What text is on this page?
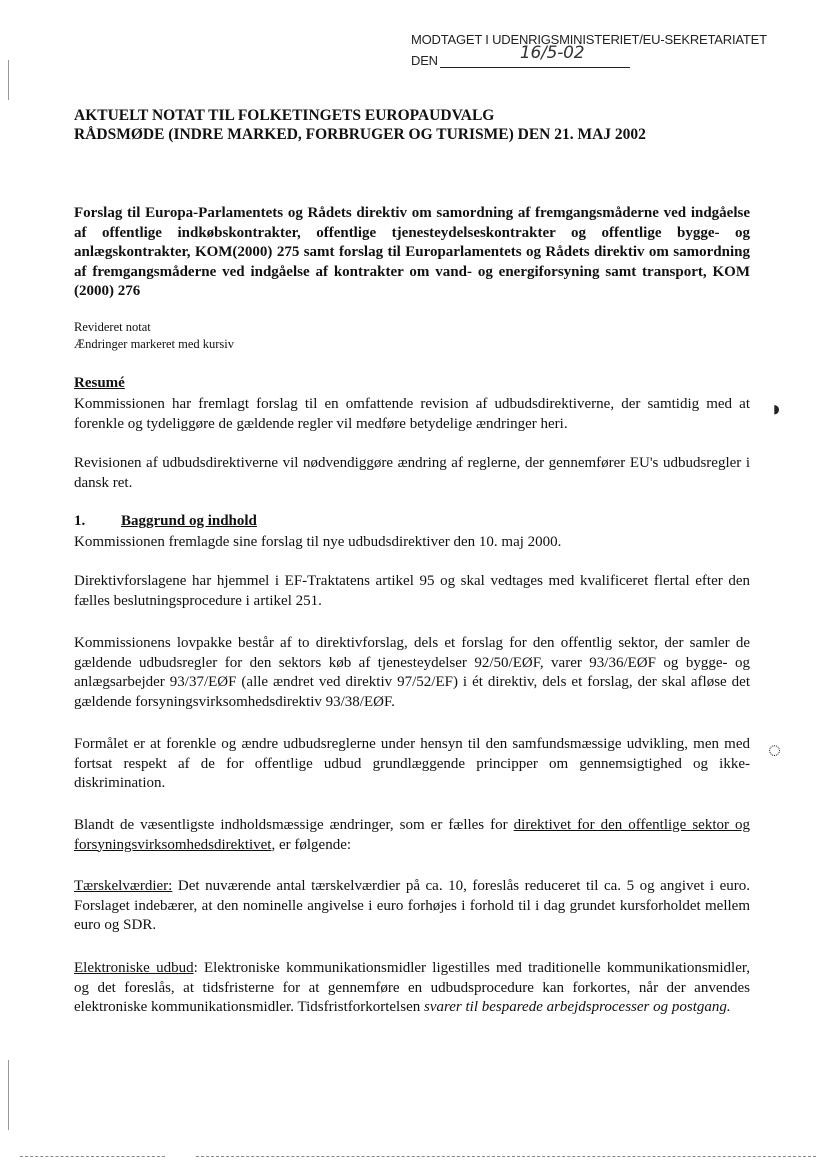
MODTAGET I UDENRIGSMINISTERIET/EU-SEKRETARIATET
DEN	16/5-02
AKTUELT NOTAT TIL FOLKETINGETS EUROPAUDVALG
RÅDSMØDE (INDRE MARKED, FORBRUGER OG TURISME) DEN 21. MAJ 2002
Forslag til Europa-Parlamentets og Rådets direktiv om samordning af fremgangsmåderne ved indgåelse af offentlige indkøbskontrakter, offentlige tjenesteydelseskontrakter og offentlige bygge- og anlægskontrakter, KOM(2000) 275 samt forslag til Europarlamentets og Rådets direktiv om samordning af fremgangsmåderne ved indgåelse af kontrakter om vand- og energiforsyning samt transport, KOM (2000) 276
Revideret notat
Ændringer markeret med kursiv
Resumé
Kommissionen har fremlagt forslag til en omfattende revision af udbudsdirektiverne, der samtidig med at forenkle og tydeliggøre de gældende regler vil medføre betydelige ændringer heri.
Revisionen af udbudsdirektiverne vil nødvendiggøre ændring af reglerne, der gennemfører EU's udbudsregler i dansk ret.
1. Baggrund og indhold
Kommissionen fremlagde sine forslag til nye udbudsdirektiver den 10. maj 2000.
Direktivforslagene har hjemmel i EF-Traktatens artikel 95 og skal vedtages med kvalificeret flertal efter den fælles beslutningsprocedure i artikel 251.
Kommissionens lovpakke består af to direktivforslag, dels et forslag for den offentlig sektor, der samler de gældende udbudsregler for den sektors køb af tjenesteydelser 92/50/EØF, varer 93/36/EØF og bygge- og anlægsarbejder 93/37/EØF (alle ændret ved direktiv 97/52/EF) i ét direktiv, dels et forslag, der skal afløse det gældende forsyningsvirksomhedsdirektiv 93/38/EØF.
Formålet er at forenkle og ændre udbudsreglerne under hensyn til den samfundsmæssige udvikling, men med fortsat respekt af de for offentlige udbud grundlæggende principper om gennemsigtighed og ikke-diskrimination.
Blandt de væsentligste indholdsmæssige ændringer, som er fælles for direktivet for den offentlige sektor og forsyningsvirksomhedsdirektivet, er følgende:
Tærskelværdier: Det nuværende antal tærskelværdier på ca. 10, foreslås reduceret til ca. 5 og angivet i euro. Forslaget indebærer, at den nominelle angivelse i euro forhøjes i forhold til i dag grundet kursforholdet mellem euro og SDR.
Elektroniske udbud: Elektroniske kommunikationsmidler ligestilles med traditionelle kommunikationsmidler, og det foreslås, at tidsfristerne for at gennemføre en udbudsprocedure kan forkortes, når der anvendes elektroniske kommunikationsmidler. Tidsfristforkortelsen svarer til besparede arbejdsprocesser og postgang.
◗
◌
